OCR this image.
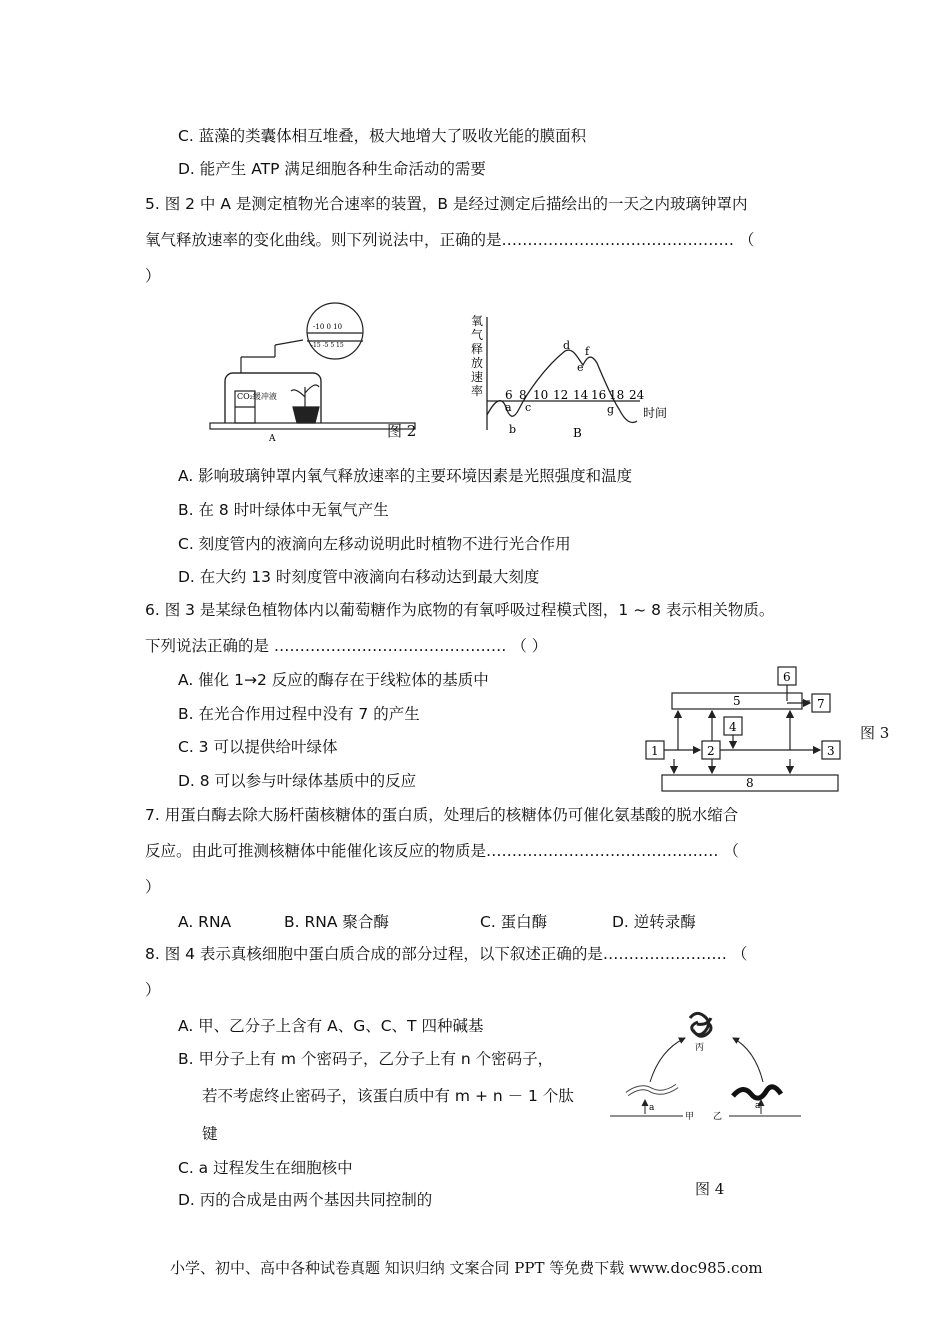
C. 蓝藻的类囊体相互堆叠，极大地增大了吸收光能的膜面积
D. 能产生 ATP 满足细胞各种生命活动的需要
5. 图 2 中 A 是测定植物光合速率的装置，B 是经过测定后描绘出的一天之内玻璃钟罩内
氧气释放速率的变化曲线。则下列说法中，正确的是……………………………………… （
）
CO₂缓冲液
-10 0 10
-15 -5 5 15
A	图 2
氧
气
释
放
速
率 6 8 10 12 14 16 18 24
时间
a
b
c
d
e
f
g
B
A. 影响玻璃钟罩内氧气释放速率的主要环境因素是光照强度和温度
B. 在 8 时叶绿体中无氧气产生
C. 刻度管内的液滴向左移动说明此时植物不进行光合作用
D. 在大约 13 时刻度管中液滴向右移动达到最大刻度
6. 图 3 是某绿色植物体内以葡萄糖作为底物的有氧呼吸过程模式图，1 ~ 8 表示相关物质。
下列说法正确的是 ……………………………………… （ ）
A. 催化 1→2 反应的酶存在于线粒体的基质中
B. 在光合作用过程中没有 7 的产生
C. 3 可以提供给叶绿体
D. 8 可以参与叶绿体基质中的反应
5
6
7
4
1	2	3
8
图 3
7. 用蛋白酶去除大肠杆菌核糖体的蛋白质，处理后的核糖体仍可催化氨基酸的脱水缩合
反应。由此可推测核糖体中能催化该反应的物质是……………………………………… （
）
A. RNA	B. RNA 聚合酶	C. 蛋白酶	D. 逆转录酶
8. 图 4 表示真核细胞中蛋白质合成的部分过程，以下叙述正确的是…………………… （
）
A. 甲、乙分子上含有 A、G、C、T 四种碱基
B. 甲分子上有 m 个密码子，乙分子上有 n 个密码子，
若不考虑终止密码子，该蛋白质中有 m + n － 1 个肽
键
C. a 过程发生在细胞核中
D. 丙的合成是由两个基因共同控制的
丙
a	a
甲 乙
图 4
小学、初中、高中各种试卷真题 知识归纳 文案合同 PPT 等免费下载 www.doc985.com
